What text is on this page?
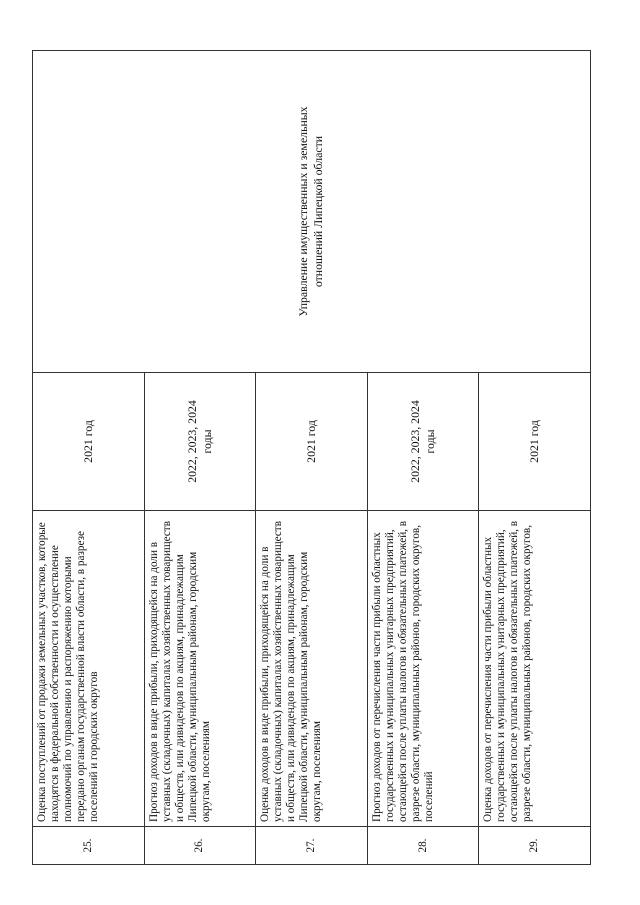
25.	Оценка поступлений от продажи земельных участков, которые находятся в федеральной собственности и осуществление полномочий по управлению и распоряжению которыми передано органам государственной власти области, в разрезе поселений и городских округов	2021 год	Управление имущественных и земельных отношений Липецкой области
26.	Прогноз доходов в виде прибыли, приходящейся на доли в уставных (складочных) капиталах хозяйственных товариществ и обществ, или дивидендов по акциям, принадлежащим Липецкой области, муниципальным районам, городским округам, поселениям	2022, 2023, 2024 годы	
27.	Оценка доходов в виде прибыли, приходящейся на доли в уставных (складочных) капиталах хозяйственных товариществ и обществ, или дивидендов по акциям, принадлежащим Липецкой области, муниципальным районам, городским округам, поселениям	2021 год	
28.	Прогноз доходов от перечисления части прибыли областных государственных и муниципальных унитарных предприятий, остающейся после уплаты налогов и обязательных платежей, в разрезе области, муниципальных районов, городских округов, поселений	2022, 2023, 2024 годы	
29.	Оценка доходов от перечисления части прибыли областных государственных и муниципальных унитарных предприятий, остающейся после уплаты налогов и обязательных платежей, в разрезе области, муниципальных районов, городских округов,	2021 год	
